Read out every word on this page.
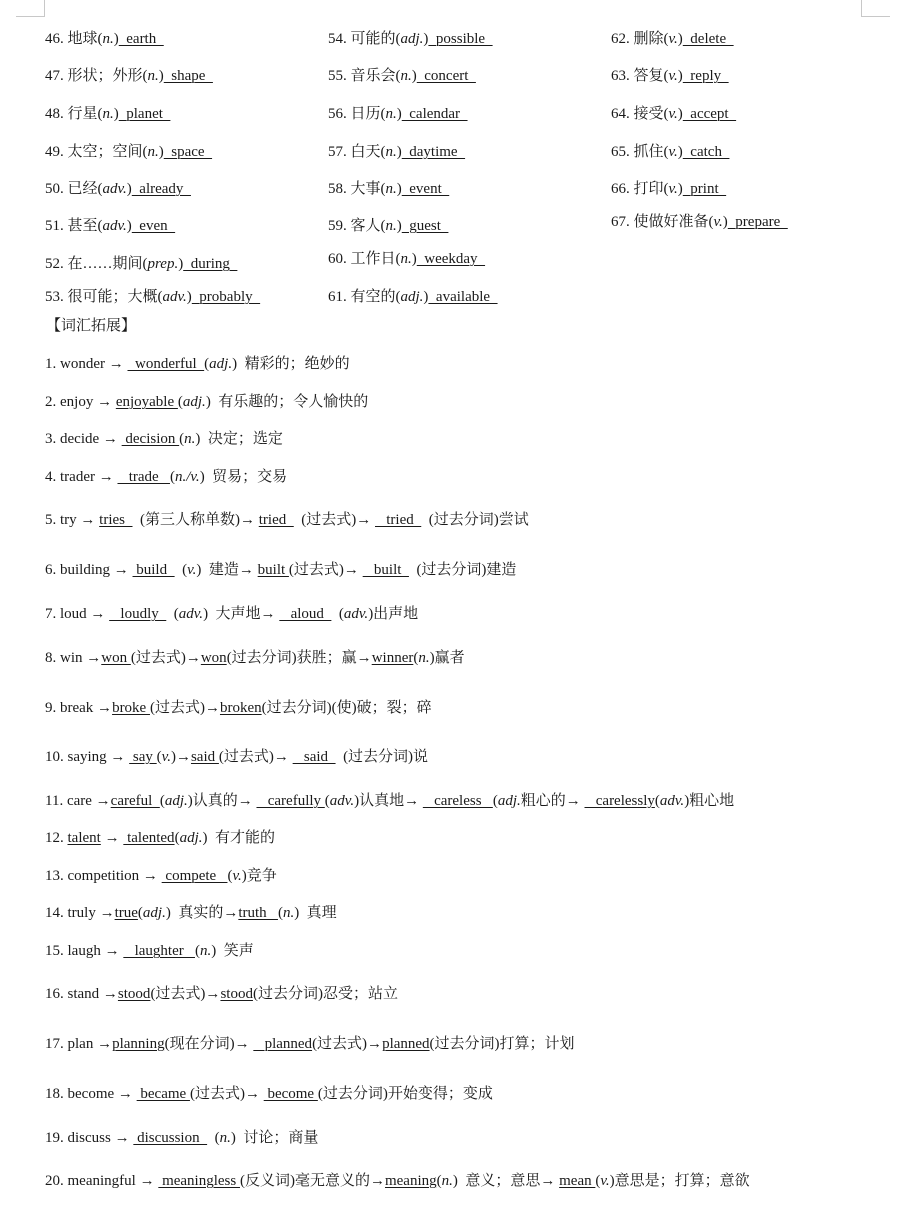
46. 地球(n.)  earth
47. 形状；外形(n.)  shape
48. 行星(n.)  planet
49. 太空；空间(n.)  space
50. 已经(adv.)  already
51. 甚至(adv.)  even
52. 在……期间(prep.)  during
53. 很可能；大概(adv.)  probably
54. 可能的(adj.)  possible
55. 音乐会(n.)  concert
56. 日历(n.)  calendar
57. 白天(n.)  daytime
58. 大事(n.)  event
59. 客人(n.)  guest
60. 工作日(n.)  weekday
61. 有空的(adj.)  available
62. 删除(v.)  delete
63. 答复(v.)  reply
64. 接受(v.)  accept
65. 抓住(v.)  catch
66. 打印(v.)  print
67. 使做好准备(v.)  prepare
【词汇拓展】
1. wonder →   wonderful  (adj.)  精彩的；绝妙的
2. enjoy → enjoyable (adj.)  有乐趣的；令人愉快的
3. decide →  decision (n.)  决定；选定
4. trader →    trade   (n./v.)  贸易；交易
5. try → tries    (第三人称单数)→ tried    (过去式)→    tried    (过去分词)尝试
6. building →  build    (v.)  建造→ built (过去式)→    built    (过去分词)建造
7. loud →    loudly    (adv.)  大声地→    aloud    (adv.)出声地
8. win →won (过去式)→won(过去分词)获胜；赢→winner(n.)赢者
9. break →broke (过去式)→broken(过去分词)(使)破；裂；碎
10. saying →  say (v.)→said (过去式)→    said    (过去分词)说
11. care →careful  (adj.)认真的→    carefully (adv.)认真地→    careless   (adj.粗心的→    carelessly(adv.)粗心地
12. talent →  talented(adj.)  有才能的
13. competition →  compete   (v.)竞争
14. truly →true(adj.)  真实的→truth   (n.)  真理
15. laugh →    laughter   (n.)  笑声
16. stand →stood(过去式)→stood(过去分词)忍受；站立
17. plan →planning(现在分词)→    planned(过去式)→planned(过去分词)打算；计划
18. become →  became (过去式)→  become (过去分词)开始变得；变成
19. discuss →  discussion    (n.)  讨论；商量
20. meaningful →  meaningless (反义词)毫无意义的→meaning(n.)  意义；意思→ mean (v.)意思是；打算；意欲
